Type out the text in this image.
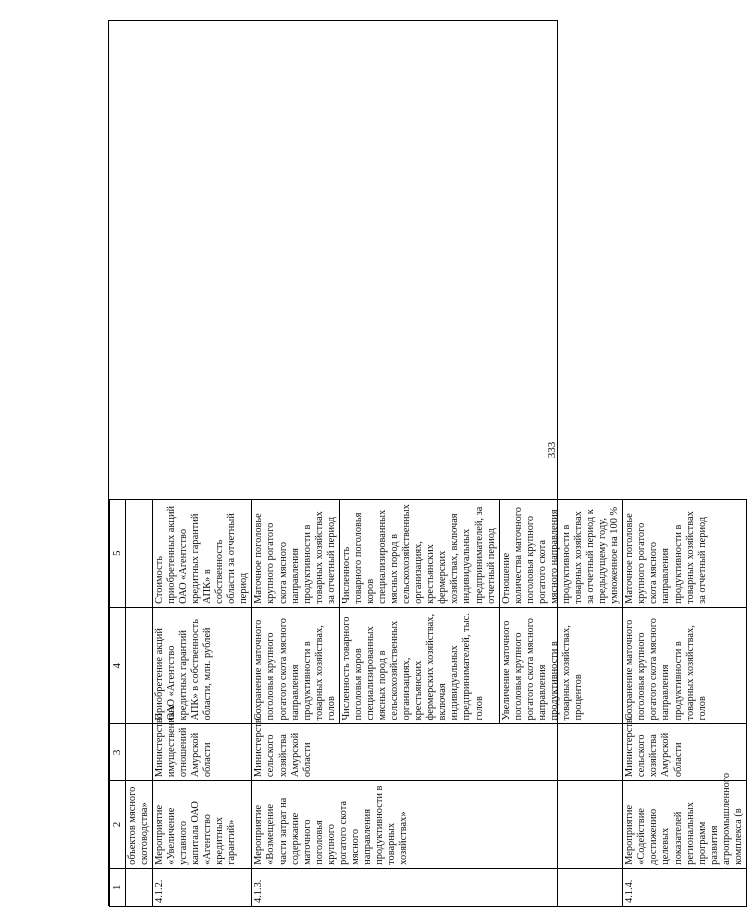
333
1	2	3	4	5
	объектов мясного скотоводства»			
4.1.2.	Мероприятие «Увеличение уставного капитала ОАО «Агентство кредитных гарантий»	Министерство имущественных отношений Амурской области	Приобретение акций ОАО «Агентство кредитных гарантий АПК» в собственность области, млн. рублей	Стоимость приобретенных акций ОАО «Агентство кредитных гарантий АПК» в собственность области за отчетный период
4.1.3.	Мероприятие «Возмещение части затрат на содержание маточного поголовья крупного рогатого скота мясного направления продуктивности в товарных хозяйствах»	Министерство сельского хозяйства Амурской области	Сохранение маточного поголовья крупного рогатого скота мясного направления продуктивности в товарных хозяйствах, голов	Маточное поголовье крупного рогатого скота мясного направления продуктивности в товарных хозяйствах за отчетный период
			Численность товарного поголовья коров специализированных мясных пород в сельскохозяйственных организациях, крестьянских фермерских хозяйствах, включая индивидуальных предпринимателей, тыс. голов	Численность товарного поголовья коров специализированных мясных пород в сельскохозяйственных организациях, крестьянских фермерских хозяйствах, включая индивидуальных предпринимателей, за отчетный период
			Увеличение маточного поголовья крупного рогатого скота мясного направления продуктивности в товарных хозяйствах, процентов	Отношение количества маточного поголовья крупного рогатого скота мясного направления продуктивности в товарных хозяйствах за отчетный период к предыдущему году, умноженное на 100 %
4.1.4.	Мероприятие «Содействие достижению целевых показателей региональных программ развития агропромышленного комплекса (в	Министерство сельского хозяйства Амурской области	Сохранение маточного поголовья крупного рогатого скота мясного направления продуктивности в товарных хозяйствах, голов	Маточное поголовье крупного рогатого скота мясного направления продуктивности в товарных хозяйствах за отчетный период
